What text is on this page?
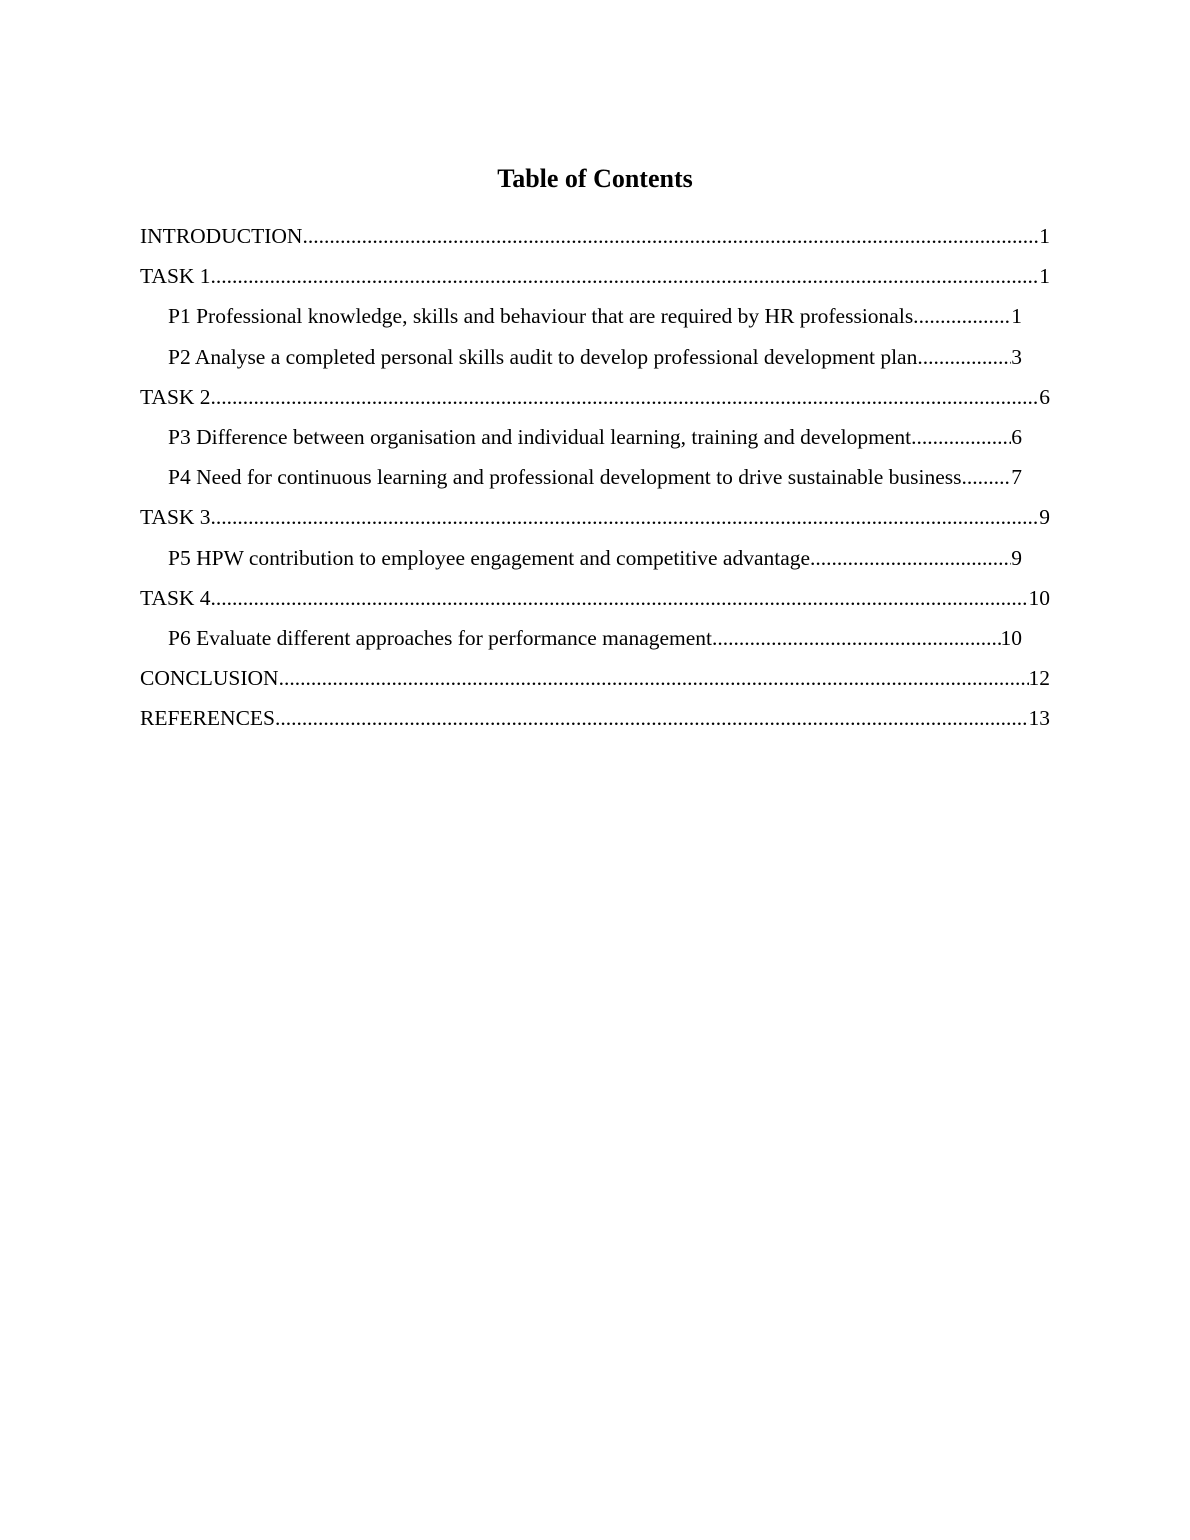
Table of Contents
INTRODUCTION .....	1
TASK 1 .....	1
P1 Professional knowledge, skills and behaviour that are required by HR professionals. .....	1
P2 Analyse a completed personal skills audit to develop professional development plan. .....	3
TASK 2 .....	6
P3 Difference between organisation and individual learning, training and development .....	6
P4 Need for continuous learning and professional development to drive sustainable business. ..... 7
TASK 3 .....	9
P5 HPW contribution to employee engagement and competitive advantage .....	9
TASK 4 .....	10
P6 Evaluate different approaches for performance management .....	10
CONCLUSION .....	12
REFERENCES .....	13
